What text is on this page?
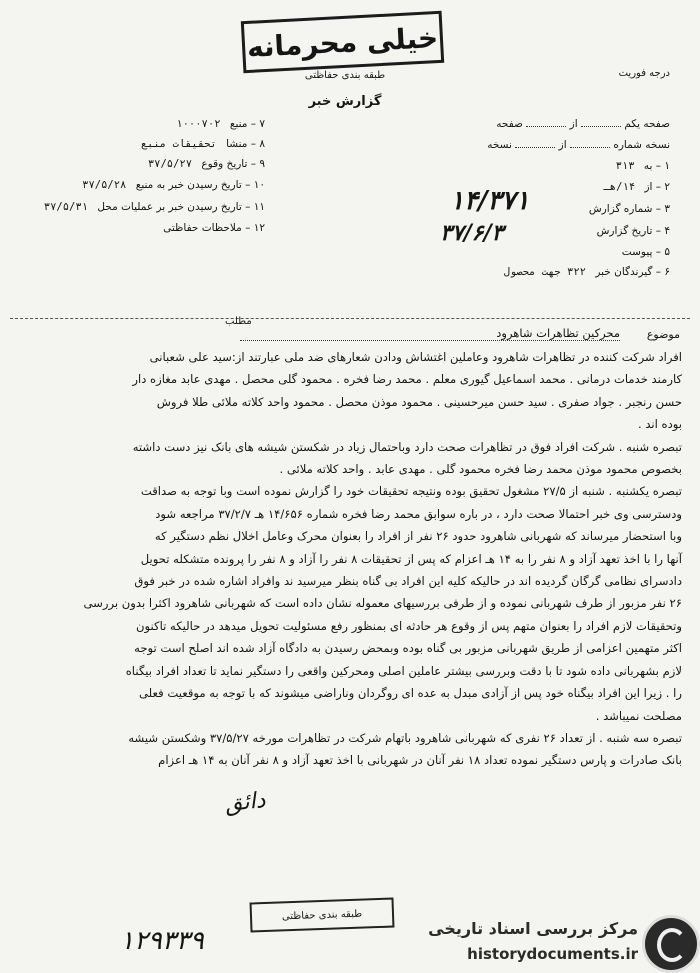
خیلی محرمانه
طبقه بندی حفاظتی
گزارش خبر
درجه فوریت
۷ – منبع ۱۰۰۰۷۰۲
۸ – منشا تحقیقات منبع
۹ – تاریخ وقوع ۳۷/۵/۲۷
۱۰ – تاریخ رسیدن خبر به منبع ۳۷/۵/۲۸
۱۱ – تاریخ رسیدن خبر بر عملیات محل ۳۷/۵/۳۱
۱۲ – ملاحظات حفاظتی
صفحه یکم  از  صفحه
نسخه شماره  از  نسخه
۱ – به ۳۱۳
۲ – از ۱۴/هـ
۳ – شماره گزارش
۴ – تاریخ گزارش
۵ – پیوست
۶ – گیرندگان خبر ۳۲۲ جهت محصول
۱۴/۳۷۱
۳۷/۶/۳
موضوع
محرکین تظاهرات شاهرود
مطلب
افراد شرکت کننده در تظاهرات شاهرود وعاملین اغتشاش ودادن شعارهای ضد ملی عبارتند از:سید علی شعبانی
کارمند خدمات درمانی . محمد اسماعیل گیوری معلم . محمد رضا فخره . محمود گلی محصل . مهدی عابد مغازه دار
حسن رنجبر . جواد صفری . سید حسن میرحسینی . محمود موذن محصل . محمود واحد کلاته ملائی طلا فروش
بوده اند .
تبصره شنبه . شرکت افراد فوق در تظاهرات صحت دارد وباحتمال زیاد در شکستن شیشه های بانک نیز دست داشته
بخصوص محمود موذن محمد رضا فخره محمود گلی . مهدی عابد . واحد کلاته ملائی .
تبصره یکشنبه . شنبه از ۲۷/۵ مشغول تحقیق بوده ونتیجه تحقیقات خود را گزارش نموده است وبا توجه به صداقت
ودسترسی وی خبر احتمالا صحت دارد ، در باره سوابق محمد رضا فخره شماره ۱۴/۶۵۶ هـ ۳۷/۲/۷ مراجعه شود
وبا استحضار میرساند که شهربانی شاهرود حدود ۲۶ نفر از افراد را بعنوان محرک وعامل اخلال نظم دستگیر که
آنها را با اخذ تعهد آزاد و ۸ نفر را به ۱۴ هـ اعزام که پس از تحقیقات ۸ نفر را آزاد و ۸ نفر را پرونده متشکله تحویل
دادسرای نظامی گرگان گردیده اند در حالیکه کلیه این افراد بی گناه بنظر میرسید ند وافراد اشاره شده در خبر فوق
۲۶ نفر مزبور از طرف شهربانی نموده و از طرفی بررسیهای معموله نشان داده است که شهربانی شاهرود اکثرا بدون بررسی
وتحقیقات لازم افراد را بعنوان متهم پس از وقوع هر حادثه ای بمنظور رفع مسئولیت تحویل میدهد در حالیکه تاکنون
اکثر متهمین اعزامی از طریق شهربانی مزبور بی گناه بوده وبمحض رسیدن به دادگاه آزاد شده اند اصلح است توجه
لازم بشهربانی داده شود تا با دقت وبررسی بیشتر عاملین اصلی ومحرکین واقعی را دستگیر نماید تا تعداد افراد بیگناه
را . زیرا این افراد بیگناه خود پس از آزادی مبدل به عده ای روگردان وناراضی میشوند که با توجه به موقعیت فعلی
مصلحت نمیباشد .
تبصره سه شنبه . از تعداد ۲۶ نفری که شهربانی شاهرود باتهام شرکت در تظاهرات مورخه ۳۷/۵/۲۷ وشکستن شیشه
بانک صادرات و پارس دستگیر نموده تعداد ۱۸ نفر آنان در شهربانی با اخذ تعهد آزاد و ۸ نفر آنان به ۱۴ هـ اعزام
دائق
طبقه بندی حفاظتی
۱۲۹۳۳۹	مرکز بررسی اسناد تاریخی
historydocuments.ir
